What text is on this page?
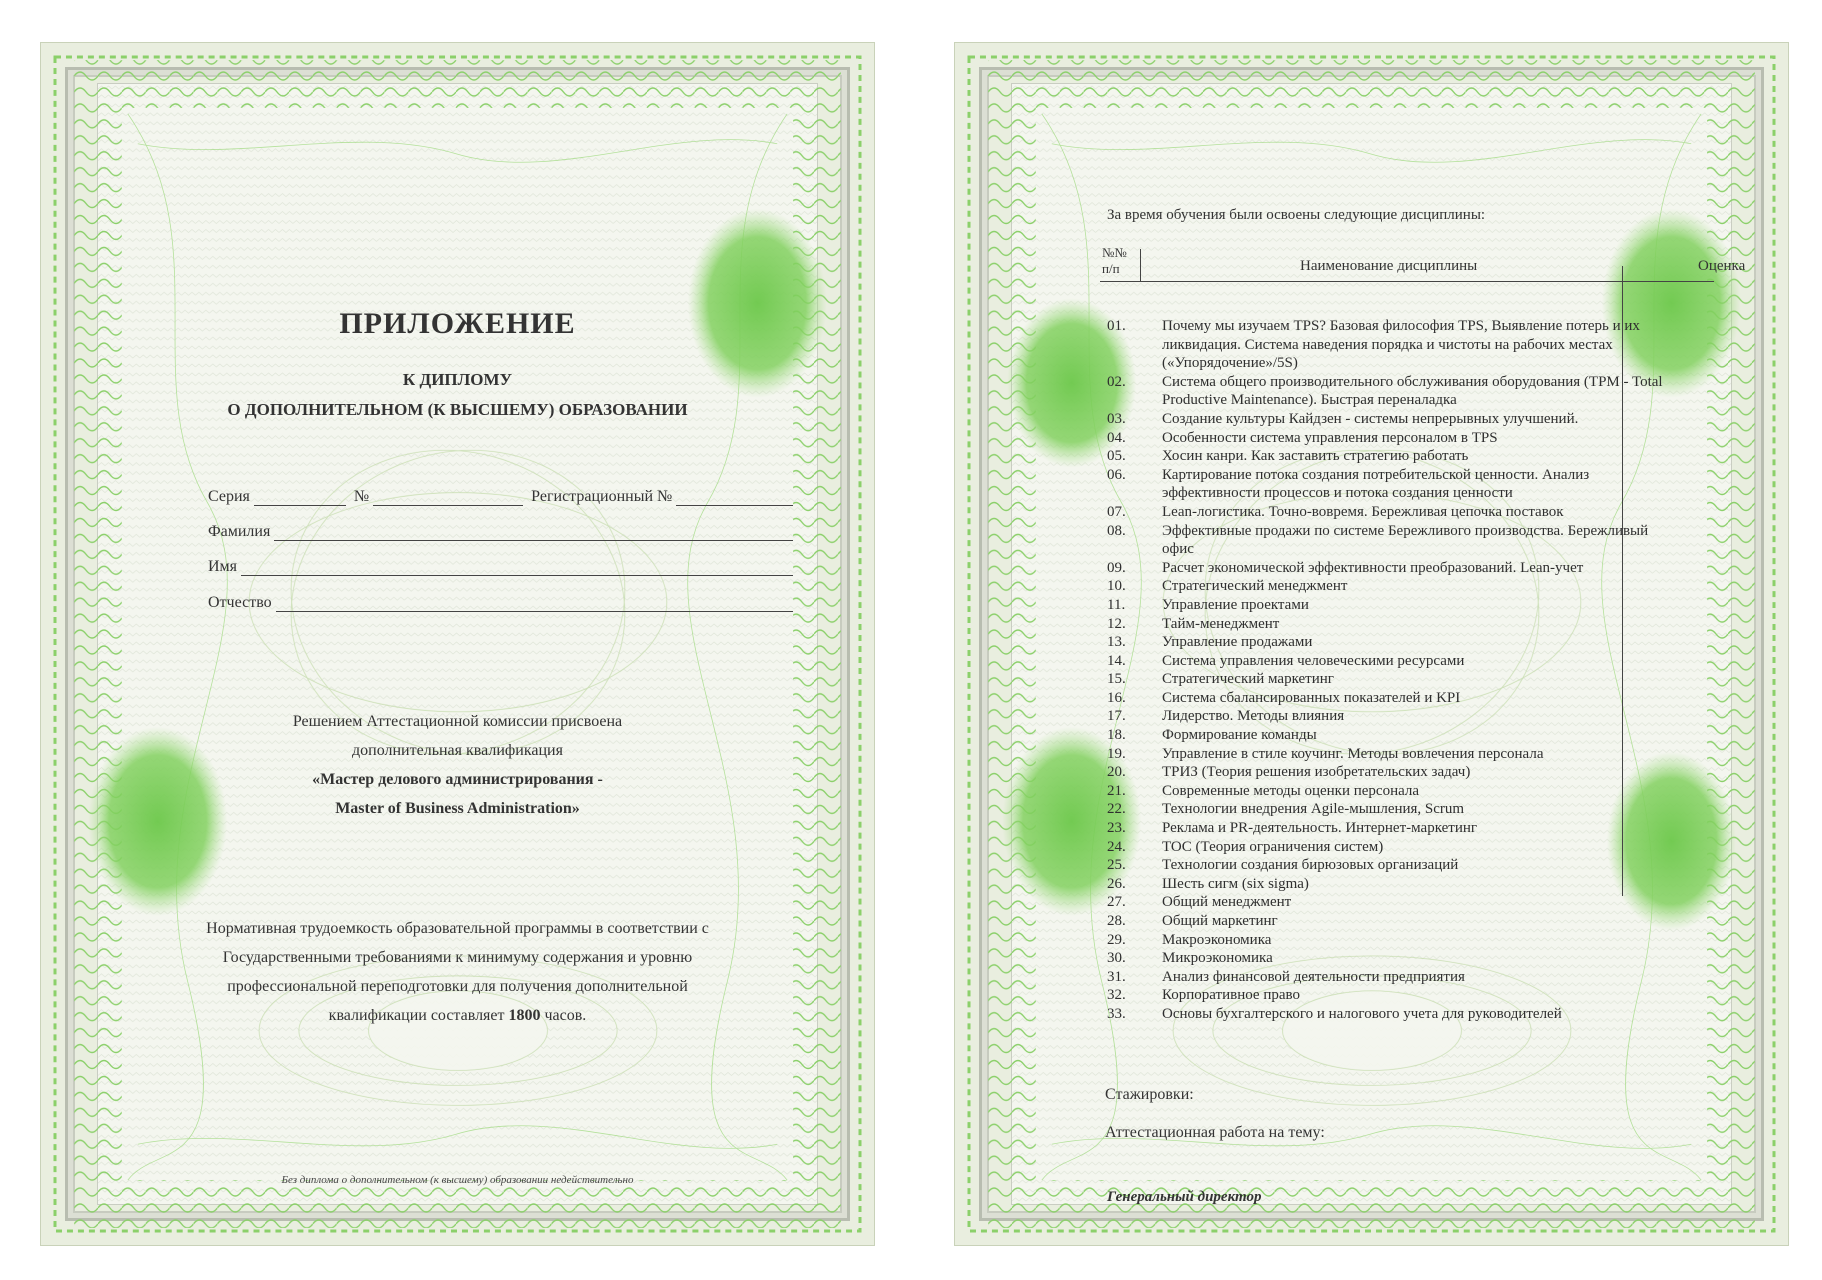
ПРИЛОЖЕНИЕ
К ДИПЛОМУ
О ДОПОЛНИТЕЛЬНОМ (К ВЫСШЕМУ) ОБРАЗОВАНИИ
Серия	№	Регистрационный №
Фамилия
Имя
Отчество
Решением Аттестационной комиссии присвоена
дополнительная квалификация
«Мастер делового администрирования -
Master of Business Administration»
Нормативная трудоемкость образовательной программы в соответствии с
Государственными требованиями к минимуму содержания и уровню
профессиональной переподготовки для получения дополнительной
квалификации составляет 1800 часов.
Без диплома о дополнительном (к высшему) образовании недействительно
За время обучения были освоены следующие дисциплины:
№№
п/п	Наименование дисциплины	Оценка
01.	Почему мы изучаем TPS? Базовая философия TPS, Выявление потерь и их ликвидация. Система наведения порядка и чистоты на рабочих местах («Упорядочение»/5S)
02.	Система общего производительного обслуживания оборудования (TPM - Total Productive Maintenance). Быстрая переналадка
03.	Создание культуры Кайдзен - системы непрерывных улучшений.
04.	Особенности система управления персоналом в TPS
05.	Хосин канри. Как заставить стратегию работать
06.	Картирование потока создания потребительской ценности. Анализ эффективности процессов и потока создания ценности
07.	Lean-логистика. Точно-вовремя. Бережливая цепочка поставок
08.	Эффективные продажи по системе Бережливого производства. Бережливый офис
09.	Расчет экономической эффективности преобразований. Lean-учет
10.	Стратегический менеджмент
11.	Управление проектами
12.	Тайм-менеджмент
13.	Управление продажами
14.	Система управления человеческими ресурсами
15.	Стратегический маркетинг
16.	Система сбалансированных показателей и KPI
17.	Лидерство. Методы влияния
18.	Формирование команды
19.	Управление в стиле коучинг. Методы вовлечения персонала
20.	ТРИЗ (Теория решения изобретательских задач)
21.	Современные методы оценки персонала
22.	Технологии внедрения Agile-мышления, Scrum
23.	Реклама и PR-деятельность. Интернет-маркетинг
24.	TOC (Теория ограничения систем)
25.	Технологии создания бирюзовых организаций
26.	Шесть сигм (six sigma)
27.	Общий менеджмент
28.	Общий маркетинг
29.	Макроэкономика
30.	Микроэкономика
31.	Анализ финансовой деятельности предприятия
32.	Корпоративное право
33.	Основы бухгалтерского и налогового учета для руководителей
Стажировки:
Аттестационная работа на тему:
Генеральный директор
